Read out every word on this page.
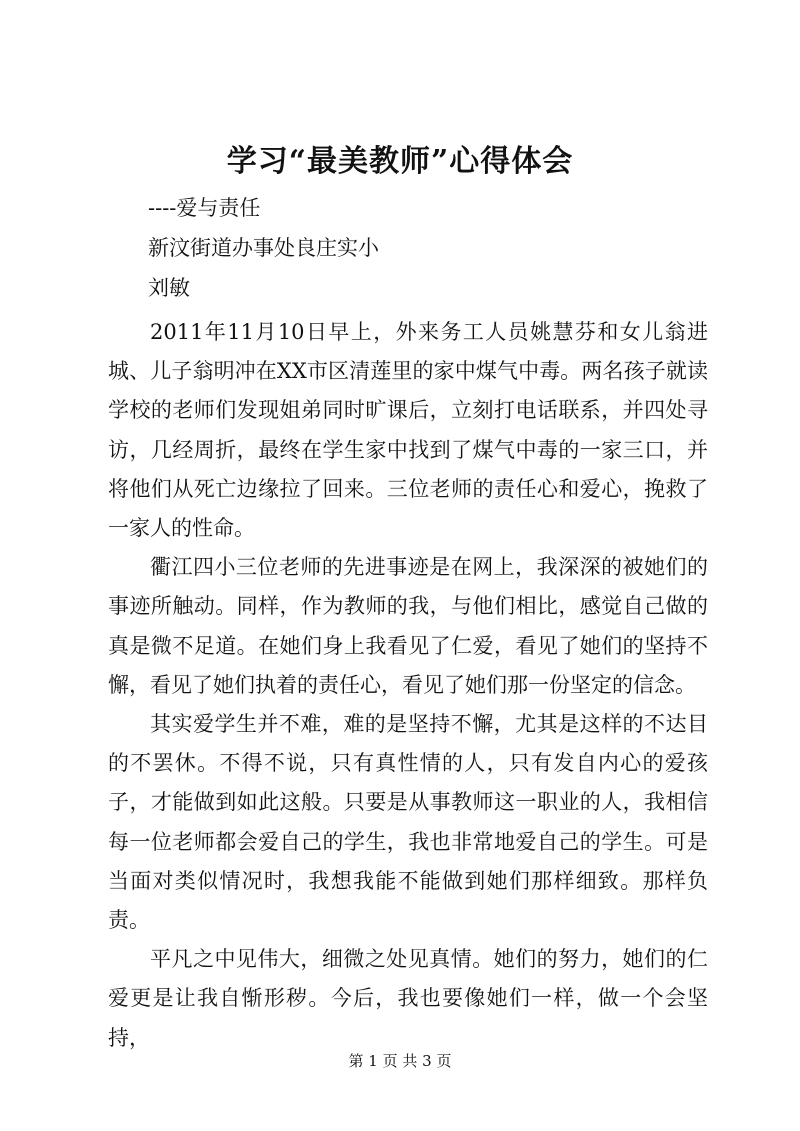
学习“最美教师”心得体会
----爱与责任
新汶街道办事处良庄实小
刘敏

2011年11月10日早上，外来务工人员姚慧芬和女儿翁进城、儿子翁明冲在XX市区清莲里的家中煤气中毒。两名孩子就读学校的老师们发现姐弟同时旷课后，立刻打电话联系，并四处寻访，几经周折，最终在学生家中找到了煤气中毒的一家三口，并将他们从死亡边缘拉了回来。三位老师的责任心和爱心，挽救了一家人的性命。

衢江四小三位老师的先进事迹是在网上，我深深的被她们的事迹所触动。同样，作为教师的我，与他们相比，感觉自己做的真是微不足道。在她们身上我看见了仁爱，看见了她们的坚持不懈，看见了她们执着的责任心，看见了她们那一份坚定的信念。

其实爱学生并不难，难的是坚持不懈，尤其是这样的不达目的不罢休。不得不说，只有真性情的人，只有发自内心的爱孩子，才能做到如此这般。只要是从事教师这一职业的人，我相信每一位老师都会爱自己的学生，我也非常地爱自己的学生。可是当面对类似情况时，我想我能不能做到她们那样细致。那样负责。

平凡之中见伟大，细微之处见真情。她们的努力，她们的仁爱更是让我自惭形秽。今后，我也要像她们一样，做一个会坚持，

第 1 页 共 3 页
